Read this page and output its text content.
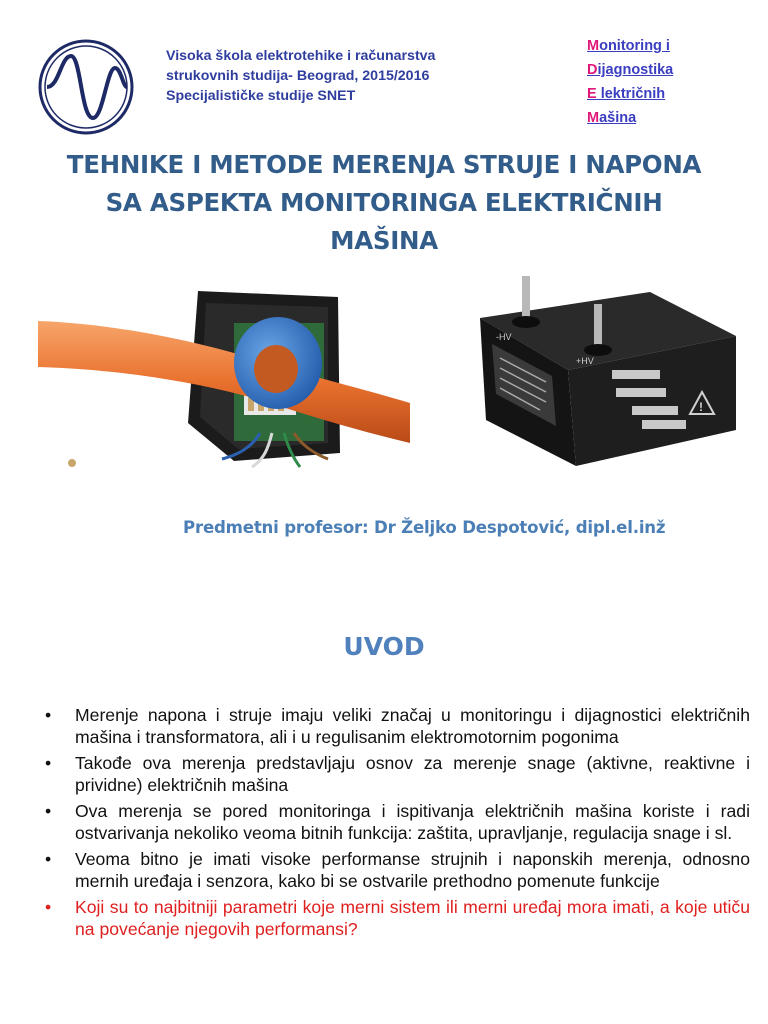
Visoka škola elektrotehike i računarstva
strukovnih studija- Beograd, 2015/2016
Specijalističke studije SNET
Monitoring i
Dijagnostika
E lektričnih
Mašina
TEHNIKE I METODE MERENJA STRUJE I NAPONA SA ASPEKTA MONITORINGA ELEKTRIČNIH MAŠINA
+HV
-HV
!
Predmetni profesor: Dr Željko Despotović, dipl.el.inž
UVOD
• Merenje napona i struje imaju veliki značaj u monitoringu i dijagnostici električnih mašina i transformatora, ali i u regulisanim elektromotornim pogonima
• Takođe ova merenja predstavljaju osnov za merenje snage (aktivne, reaktivne i prividne) električnih mašina
• Ova merenja se pored monitoringa i ispitivanja električnih mašina koriste i radi ostvarivanja nekoliko veoma bitnih funkcija: zaštita, upravljanje, regulacija snage i sl.
• Veoma bitno je imati visoke performanse strujnih i naponskih merenja, odnosno mernih uređaja i senzora, kako bi se ostvarile prethodno pomenute funkcije
• Koji su to najbitniji parametri koje merni sistem ili merni uređaj mora imati, a koje utiču na povećanje njegovih performansi?
